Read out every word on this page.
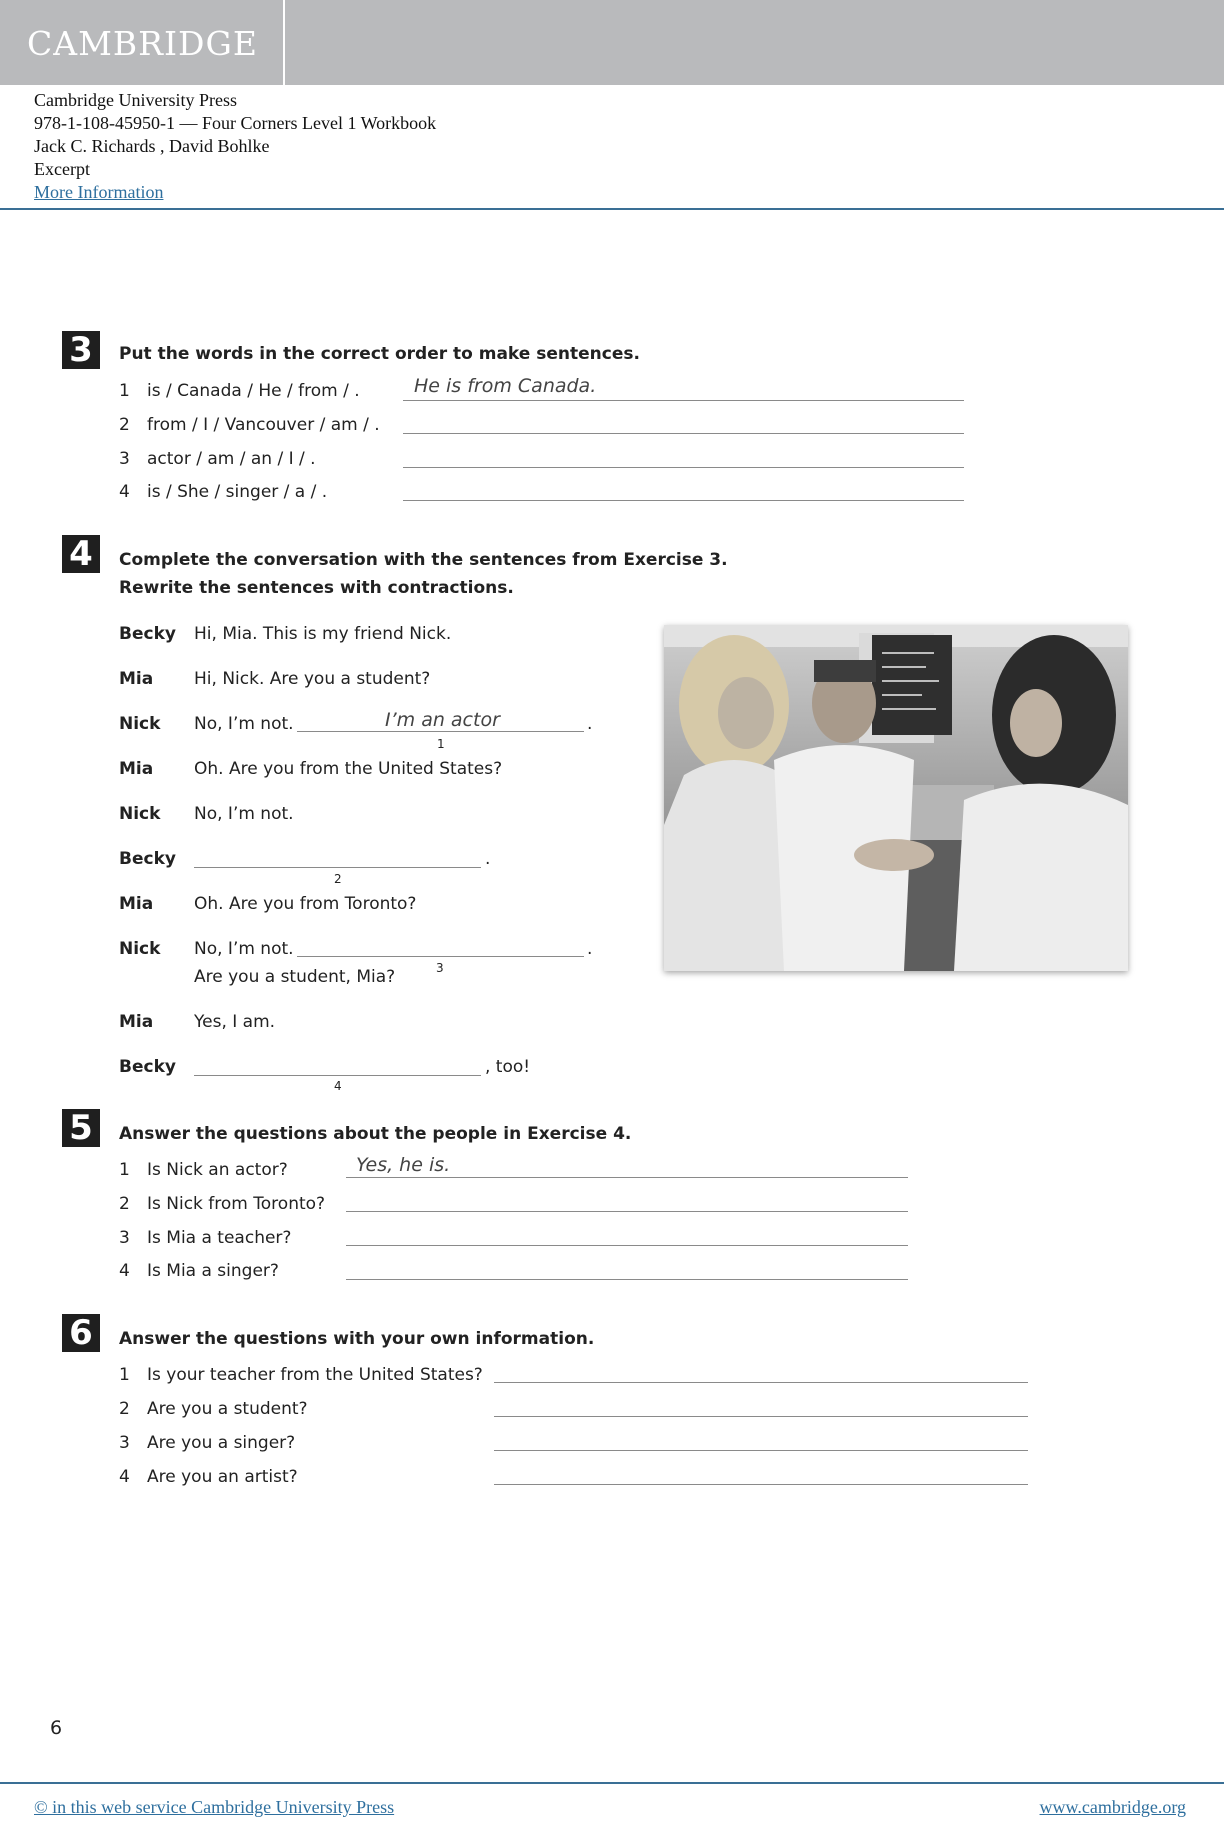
CAMBRIDGE
Cambridge University Press
978-1-108-45950-1 — Four Corners Level 1 Workbook
Jack C. Richards , David Bohlke
Excerpt
More Information
3	Put the words in the correct order to make sentences.
1 is / Canada / He / from / .	He is from Canada.
2 from / I / Vancouver / am / .
3 actor / am / an / I / .
4 is / She / singer / a / .
4	Complete the conversation with the sentences from Exercise 3.
Rewrite the sentences with contractions.
Becky Hi, Mia. This is my friend Nick.
Mia Hi, Nick. Are you a student?
Nick No, I’m not.	I’m an actor	.
1
Mia Oh. Are you from the United States?
Nick No, I’m not.
Becky	.
2
Mia Oh. Are you from Toronto?
Nick No, I’m not.	.
3
Are you a student, Mia?
Mia Yes, I am.
Becky	, too!
4
5	Answer the questions about the people in Exercise 4.
1 Is Nick an actor?	Yes, he is.
2 Is Nick from Toronto?
3 Is Mia a teacher?
4 Is Mia a singer?
6	Answer the questions with your own information.
1 Is your teacher from the United States?
2 Are you a student?
3 Are you a singer?
4 Are you an artist?
6
© in this web service Cambridge University Press	www.cambridge.org
